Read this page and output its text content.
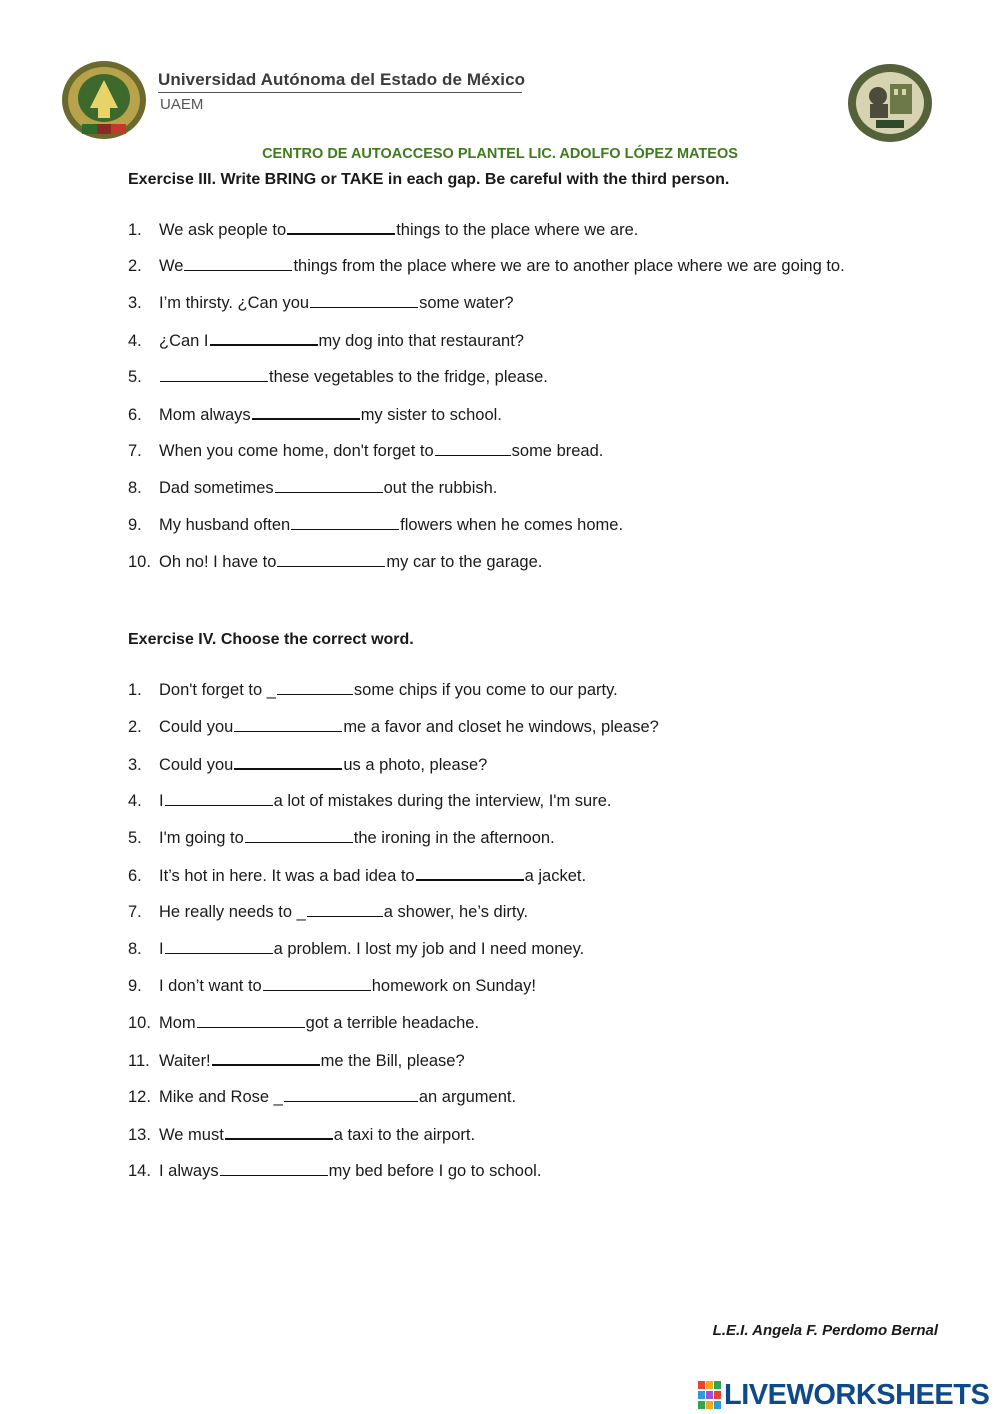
Universidad Autónoma del Estado de México
UAEM
CENTRO DE AUTOACCESO PLANTEL LIC. ADOLFO LÓPEZ MATEOS
Exercise III. Write BRING or TAKE in each gap. Be careful with the third person.
1. We ask people to	things to the place where we are.
2. We	things from the place where we are to another place where we are going to.
3. I’m thirsty. ¿Can you	some water?
4. ¿Can I	my dog into that restaurant?
5.	these vegetables to the fridge, please.
6. Mom always	my sister to school.
7. When you come home, don't forget to	some bread.
8. Dad sometimes	out the rubbish.
9. My husband often	flowers when he comes home.
10. Oh no! I have to	my car to the garage.
Exercise IV. Choose the correct word.
1. Don't forget to _	some chips if you come to our party.
2. Could you	me a favor and closet he windows, please?
3. Could you	us a photo, please?
4. I	a lot of mistakes during the interview, I'm sure.
5. I'm going to	the ironing in the afternoon.
6. It’s hot in here. It was a bad idea to	a jacket.
7. He really needs to _	a shower, he’s dirty.
8. I	a problem. I lost my job and I need money.
9. I don’t want to	homework on Sunday!
10. Mom	got a terrible headache.
11. Waiter!	me the Bill, please?
12. Mike and Rose _	an argument.
13. We must	a taxi to the airport.
14. I always	my bed before I go to school.
L.E.I. Angela F. Perdomo Bernal
LIVEWORKSHEETS
